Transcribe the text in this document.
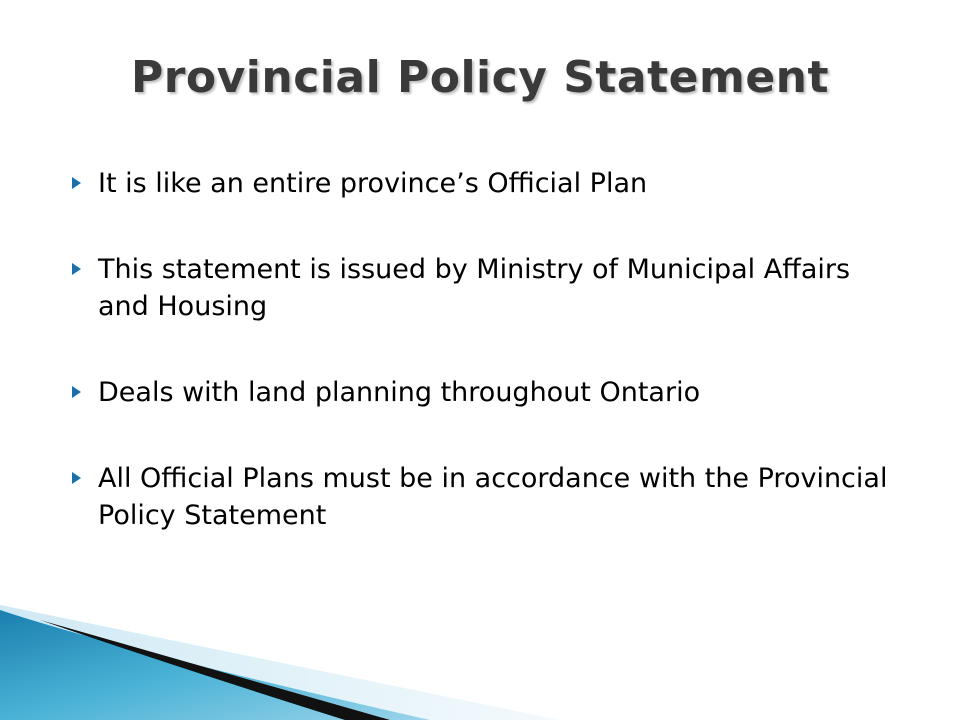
Provincial Policy Statement
It is like an entire province’s Official Plan
This statement is issued by Ministry of Municipal Affairs and Housing
Deals with land planning throughout Ontario
All Official Plans must be in accordance with the Provincial Policy Statement
